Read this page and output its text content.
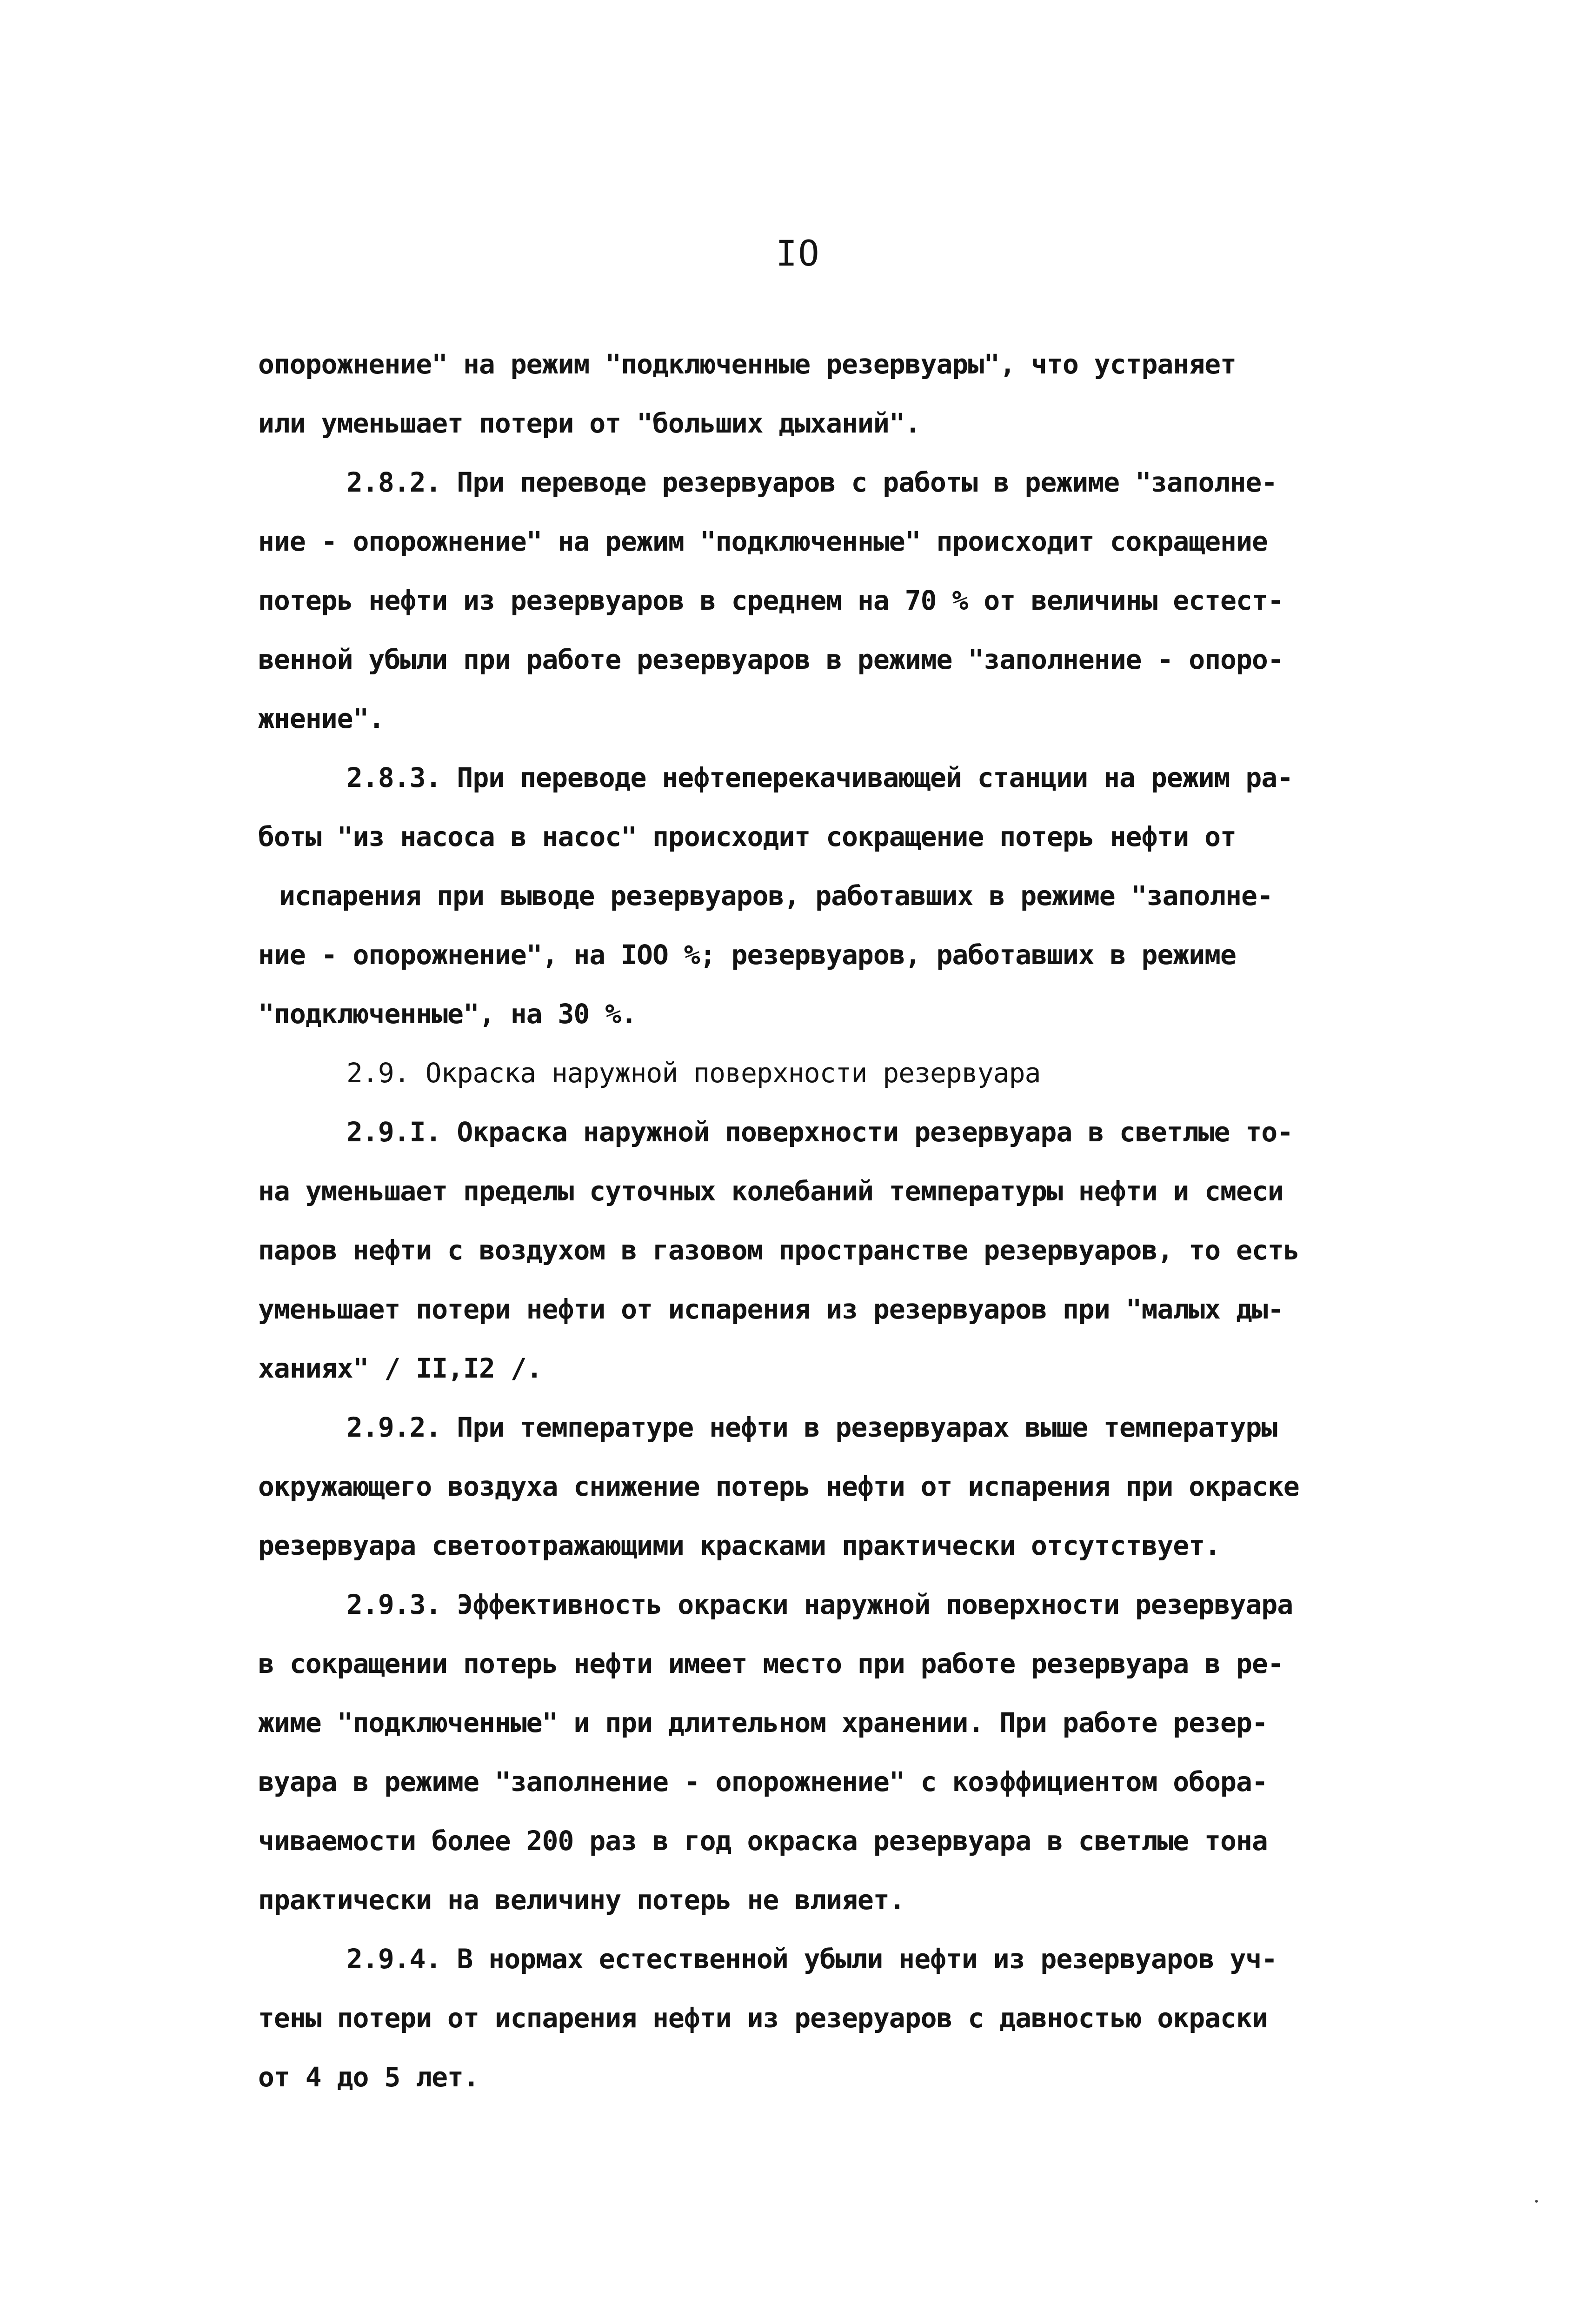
IO

опорожнение" на режим "подключенные резервуары", что устраняет

или уменьшает потери от "больших дыханий".

2.8.2. При переводе резервуаров с работы в режиме "заполне-

ние - опорожнение" на режим "подключенные" происходит сокращение

потерь нефти из резервуаров в среднем на 70 % от величины естест-

венной убыли при работе резервуаров в режиме "заполнение - опоро-

жнение".

2.8.3. При переводе нефтеперекачивающей станции на режим ра-

боты "из насоса в насос" происходит сокращение потерь нефти от

испарения при выводе резервуаров, работавших в режиме "заполне-

ние - опорожнение", на IOO %; резервуаров, работавших в режиме

"подключенные", на 30 %.

2.9. Окраска наружной поверхности резервуара

2.9.I. Окраска наружной поверхности резервуара в светлые то-

на уменьшает пределы суточных колебаний температуры нефти и смеси

паров нефти с воздухом в газовом пространстве резервуаров, то есть

уменьшает потери нефти от испарения из резервуаров при "малых ды-

ханиях" / II,I2 /.

2.9.2. При температуре нефти в резервуарах выше температуры

окружающего воздуха снижение потерь нефти от испарения при окраске

резервуара светоотражающими красками практически отсутствует.

2.9.3. Эффективность окраски наружной поверхности резервуара

в сокращении потерь нефти имеет место при работе резервуара в ре-

жиме "подключенные" и при длительном хранении. При работе резер-

вуара в режиме "заполнение - опорожнение" с коэффициентом обора-

чиваемости более 200 раз в год окраска резервуара в светлые тона

практически на величину потерь не влияет.

2.9.4. В нормах естественной убыли нефти из резервуаров уч-

тены потери от испарения нефти из резеруаров с давностью окраски

от 4 до 5 лет.
